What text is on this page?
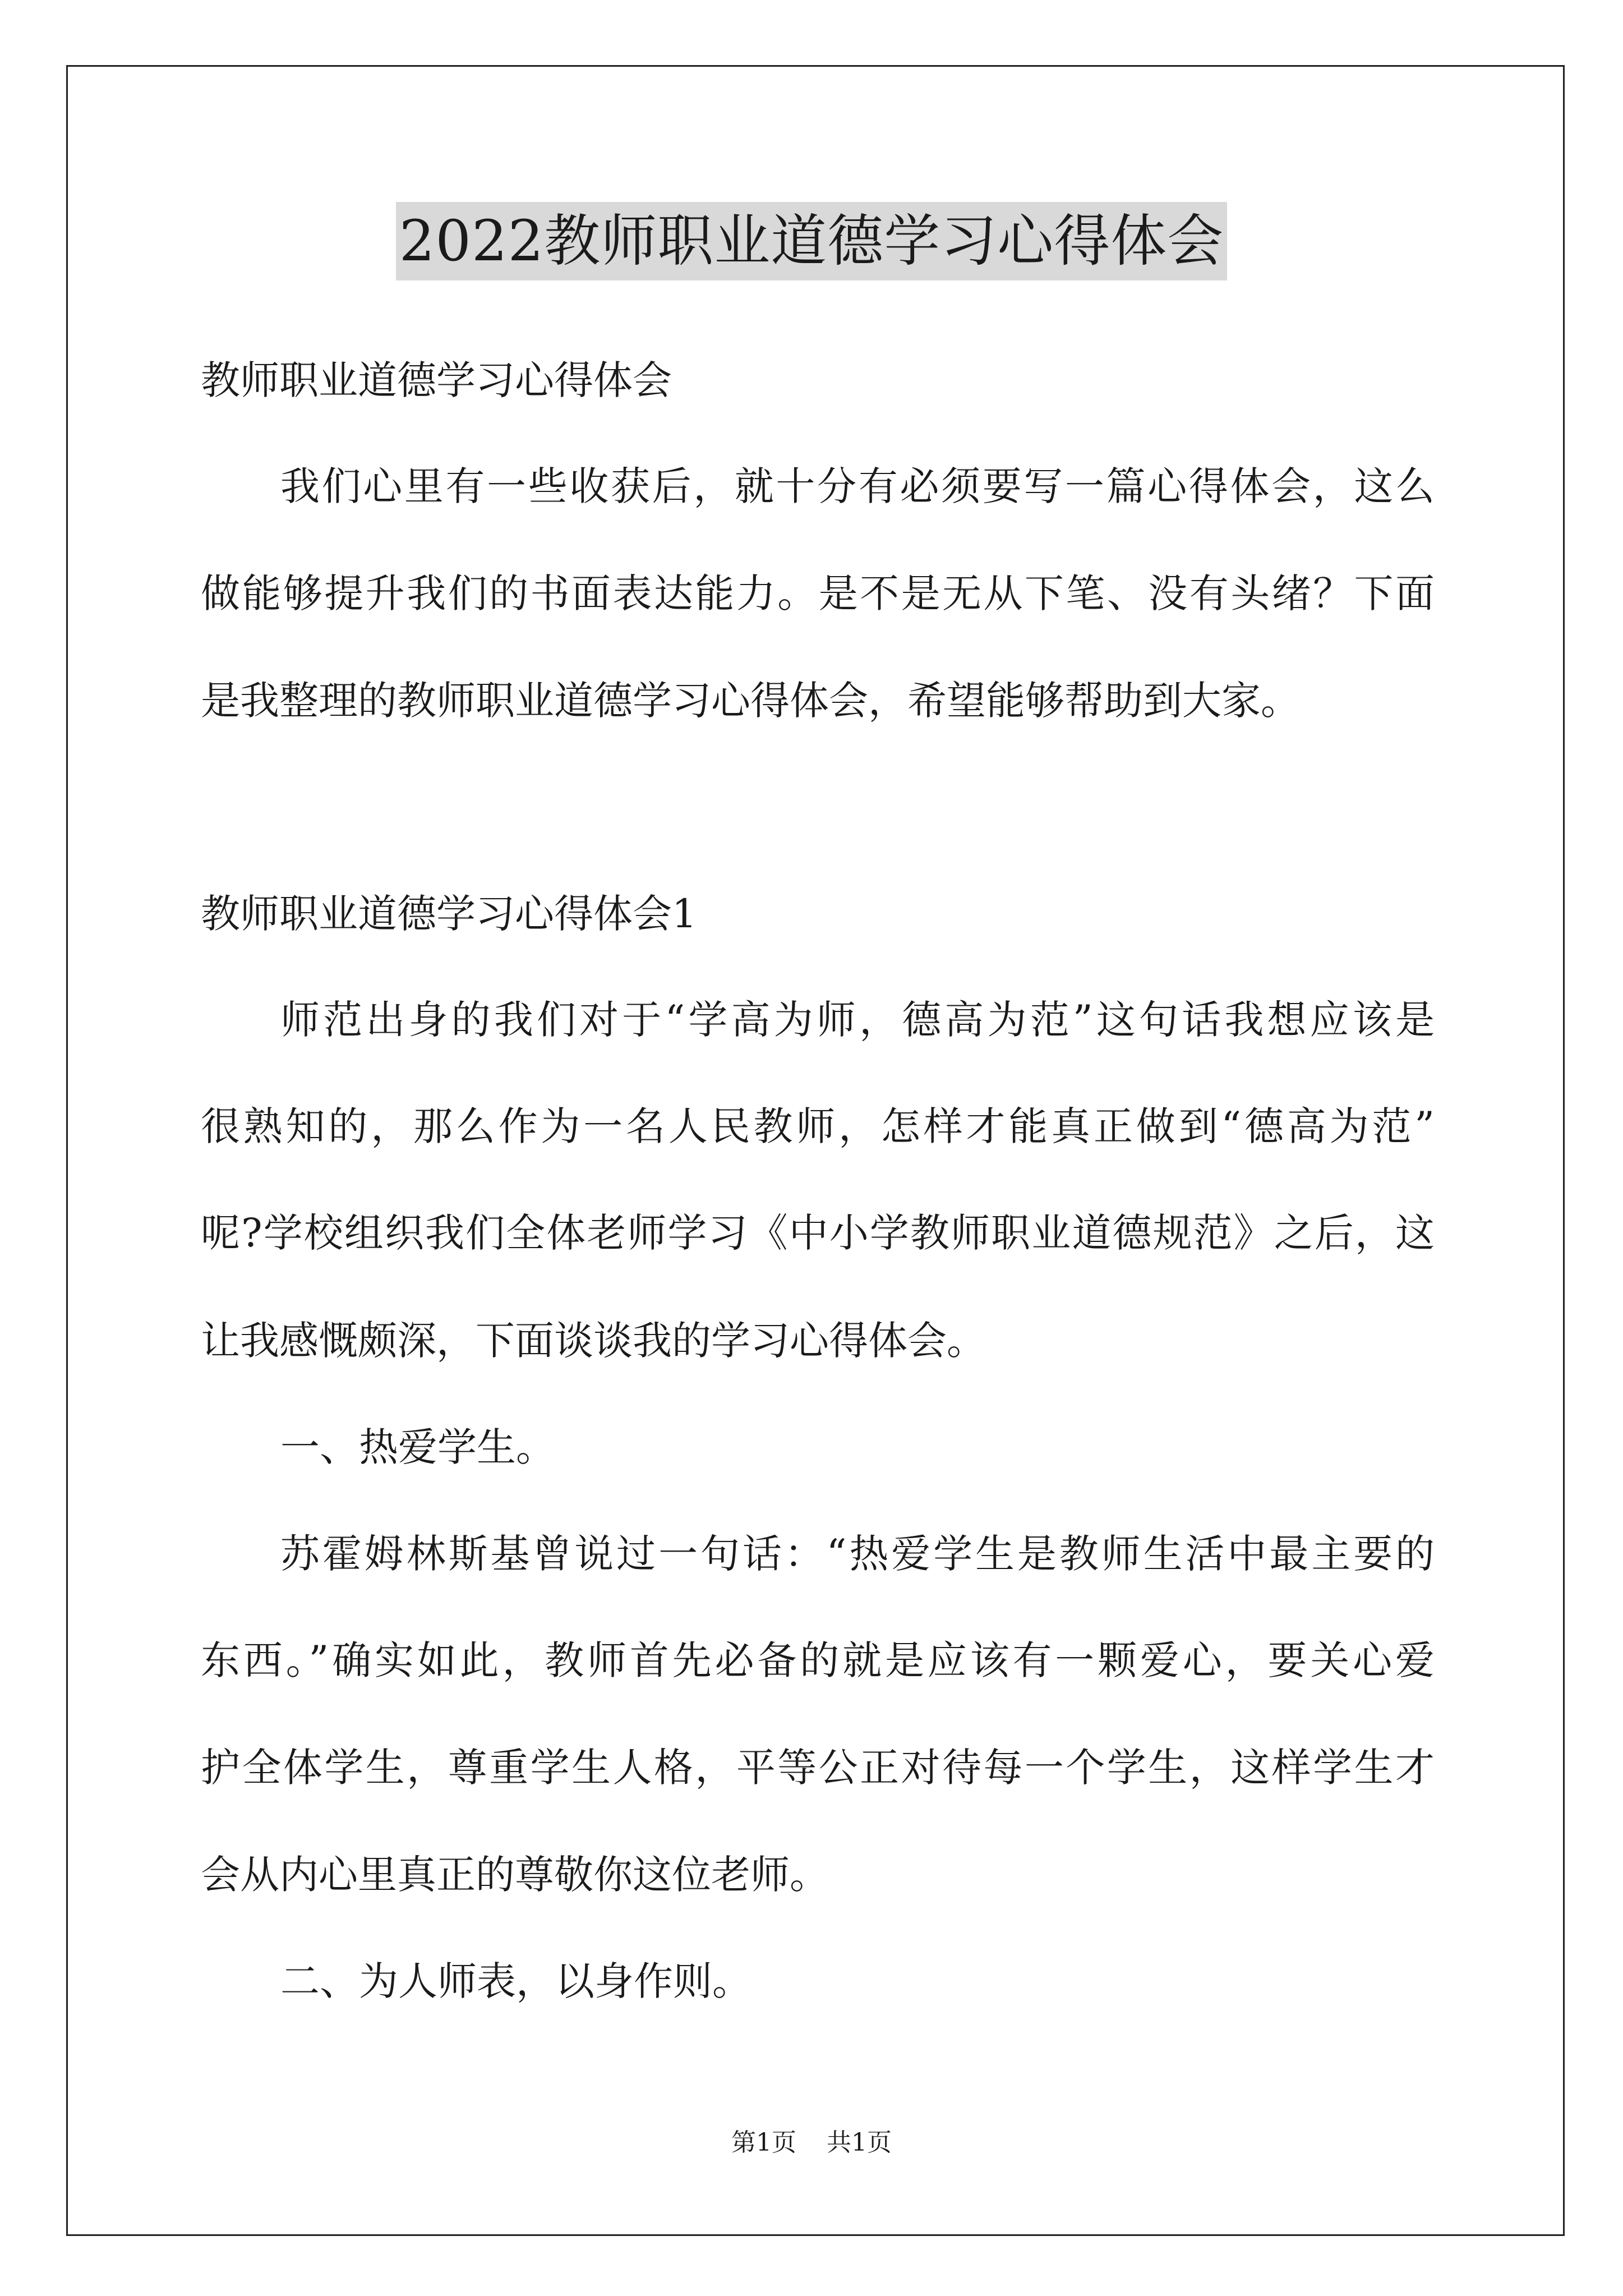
2022教师职业道德学习心得体会
教师职业道德学习心得体会
我们心里有一些收获后，就十分有必须要写一篇心得体会，这么
做能够提升我们的书面表达能力。是不是无从下笔、没有头绪？下面
是我整理的教师职业道德学习心得体会，希望能够帮助到大家。
教师职业道德学习心得体会1
师范出身的我们对于“学高为师，德高为范”这句话我想应该是
很熟知的，那么作为一名人民教师，怎样才能真正做到“德高为范”
呢?学校组织我们全体老师学习《中小学教师职业道德规范》之后，这
让我感慨颇深，下面谈谈我的学习心得体会。
一、热爱学生。
苏霍姆林斯基曾说过一句话：“热爱学生是教师生活中最主要的
东西。”确实如此，教师首先必备的就是应该有一颗爱心，要关心爱
护全体学生，尊重学生人格，平等公正对待每一个学生，这样学生才
会从内心里真正的尊敬你这位老师。
二、为人师表，以身作则。
第1页 共1页
